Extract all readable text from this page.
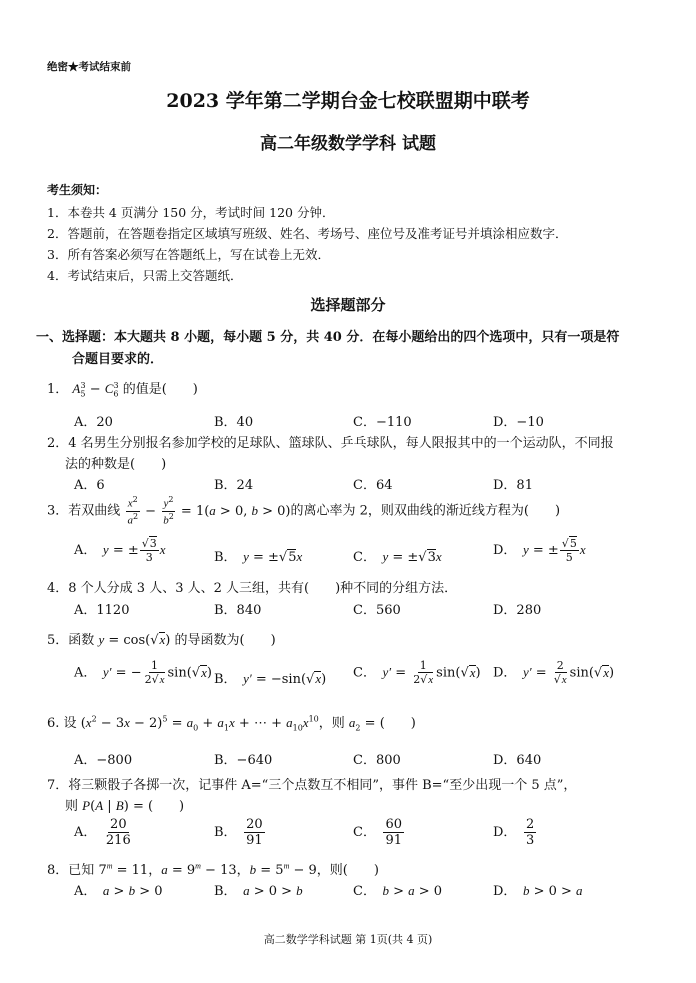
绝密★考试结束前
2023 学年第二学期台金七校联盟期中联考
高二年级数学学科 试题
考生须知：
1．本卷共 4 页满分 150 分，考试时间 120 分钟．
2．答题前，在答题卷指定区域填写班级、姓名、考场号、座位号及准考证号并填涂相应数字．
3．所有答案必须写在答题纸上，写在试卷上无效．
4．考试结束后，只需上交答题纸．
选择题部分
一、选择题：本大题共 8 小题，每小题 5 分，共 40 分．在每小题给出的四个选项中，只有一项是符
合题目要求的．
1． $A_5^3 - C_6^3$ 的值是(　　)
A．20	B．40	C．−110	D．−10
2．4 名男生分别报名参加学校的足球队、篮球队、乒乓球队，每人限报其中的一个运动队，不同报
法的种数是(　　)
A．6	B．24	C．64	D．81
3．若双曲线 $\frac{x^2}{a^2} - \frac{y^2}{b^2} = 1(a > 0$, b > 0)的离心率为 2，则双曲线的渐近线方程为(　　)
A．　 y = ± $\frac{√3}{3}$ x
B．　 y = ±√5x	C．　 y = ±√3x	D．　 y = ± $\frac{√5}{5}$ x
4．8 个人分成 3 人、3 人、2 人三组，共有(　　)种不同的分组方法．
A．1120	B．840	C．560	D．280
5．函数 y = cos(√x) 的导函数为(　　)
A．　 y′ = − $\frac{1}{2√x} \sin(√x)$ B．　 y′ = −sin(√x) C．　 $y' = \frac{1}{2√x} \sin(√x)$ D．　 $y' = \frac{2}{√x} \sin(√x)$
6. 设 $(x^2 - 3x - 2)^5 = a_0 + a_1x$ + ⋯ + $a_{10}x^{10}$，则 $a_2$ = (　　)
A．−800	B．−640	C．800	D．640
7．将三颗骰子各掷一次，记事件 A=“三个点数互不相同”，事件 B=“至少出现一个 5 点”，
则 P(A | B) = (　　)
A．　 $\frac{20}{216}$	B．　 $\frac{20}{91}$	C．　 $\frac{60}{91}$	D．　 $\frac{2}{3}$
8．已知 $7^m = 11$，$a = 9^m - 13$，$b = 5^m - 9$，则(　　)
A．　 a > b > 0	B．　 a > 0 > b	C．　 b > a > 0	D．　 b > 0 > a
高二数学学科试题 第 1页(共 4 页)
